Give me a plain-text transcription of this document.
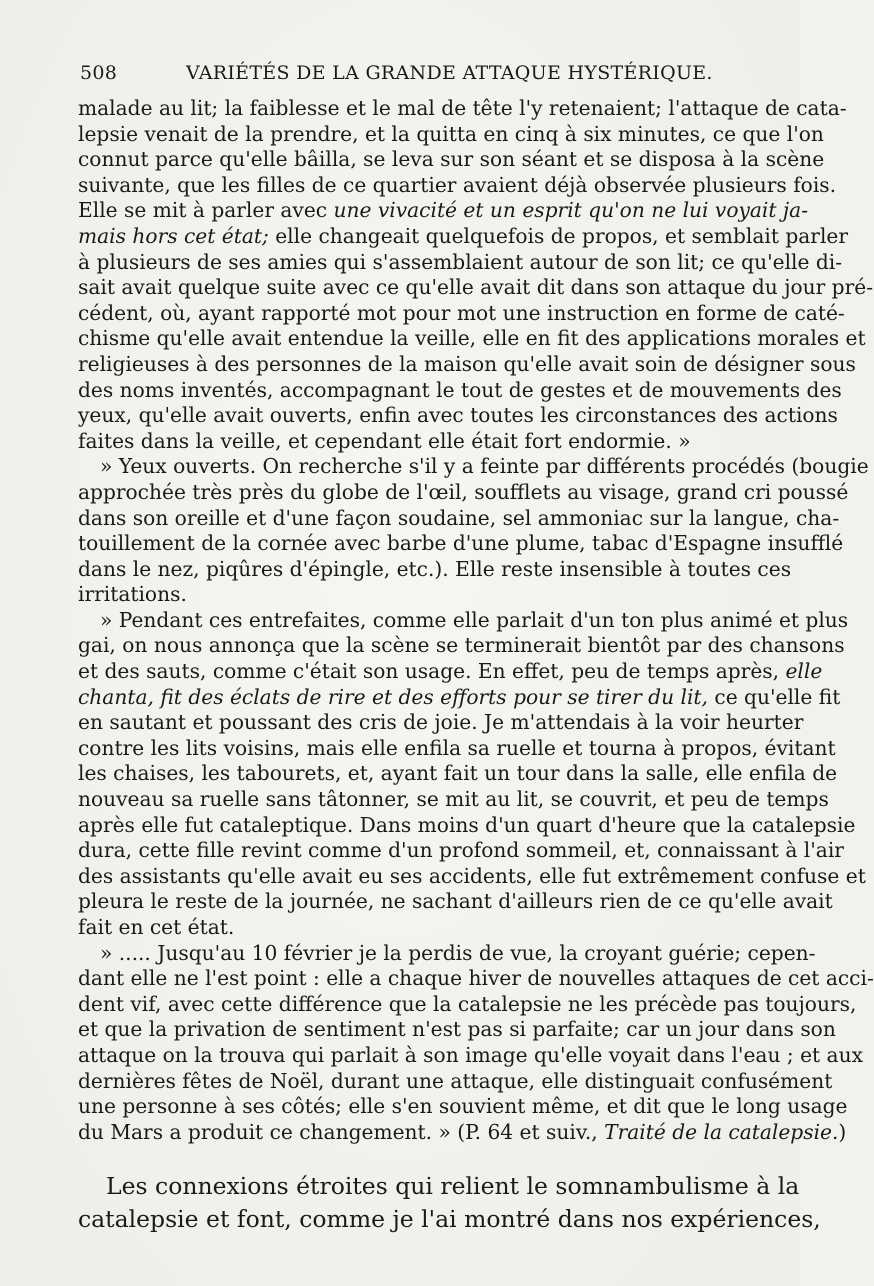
508	VARIÉTÉS DE LA GRANDE ATTAQUE HYSTÉRIQUE.
malade au lit; la faiblesse et le mal de tête l'y retenaient; l'attaque de cata-
lepsie venait de la prendre, et la quitta en cinq à six minutes, ce que l'on
connut parce qu'elle bâilla, se leva sur son séant et se disposa à la scène
suivante, que les filles de ce quartier avaient déjà observée plusieurs fois.
Elle se mit à parler avec une vivacité et un esprit qu'on ne lui voyait ja-
mais hors cet état; elle changeait quelquefois de propos, et semblait parler
à plusieurs de ses amies qui s'assemblaient autour de son lit; ce qu'elle di-
sait avait quelque suite avec ce qu'elle avait dit dans son attaque du jour pré-
cédent, où, ayant rapporté mot pour mot une instruction en forme de caté-
chisme qu'elle avait entendue la veille, elle en fit des applications morales et
religieuses à des personnes de la maison qu'elle avait soin de désigner sous
des noms inventés, accompagnant le tout de gestes et de mouvements des
yeux, qu'elle avait ouverts, enfin avec toutes les circonstances des actions
faites dans la veille, et cependant elle était fort endormie. »
» Yeux ouverts. On recherche s'il y a feinte par différents procédés (bougie
approchée très près du globe de l'œil, soufflets au visage, grand cri poussé
dans son oreille et d'une façon soudaine, sel ammoniac sur la langue, cha-
touillement de la cornée avec barbe d'une plume, tabac d'Espagne insufflé
dans le nez, piqûres d'épingle, etc.). Elle reste insensible à toutes ces
irritations.
» Pendant ces entrefaites, comme elle parlait d'un ton plus animé et plus
gai, on nous annonça que la scène se terminerait bientôt par des chansons
et des sauts, comme c'était son usage. En effet, peu de temps après, elle
chanta, fit des éclats de rire et des efforts pour se tirer du lit, ce qu'elle fit
en sautant et poussant des cris de joie. Je m'attendais à la voir heurter
contre les lits voisins, mais elle enfila sa ruelle et tourna à propos, évitant
les chaises, les tabourets, et, ayant fait un tour dans la salle, elle enfila de
nouveau sa ruelle sans tâtonner, se mit au lit, se couvrit, et peu de temps
après elle fut cataleptique. Dans moins d'un quart d'heure que la catalepsie
dura, cette fille revint comme d'un profond sommeil, et, connaissant à l'air
des assistants qu'elle avait eu ses accidents, elle fut extrêmement confuse et
pleura le reste de la journée, ne sachant d'ailleurs rien de ce qu'elle avait
fait en cet état.
» ..... Jusqu'au 10 février je la perdis de vue, la croyant guérie; cepen-
dant elle ne l'est point : elle a chaque hiver de nouvelles attaques de cet acci-
dent vif, avec cette différence que la catalepsie ne les précède pas toujours,
et que la privation de sentiment n'est pas si parfaite; car un jour dans son
attaque on la trouva qui parlait à son image qu'elle voyait dans l'eau ; et aux
dernières fêtes de Noël, durant une attaque, elle distinguait confusément
une personne à ses côtés; elle s'en souvient même, et dit que le long usage
du Mars a produit ce changement. » (P. 64 et suiv., Traité de la catalepsie.)
Les connexions étroites qui relient le somnambulisme à la
catalepsie et font, comme je l'ai montré dans nos expériences,
